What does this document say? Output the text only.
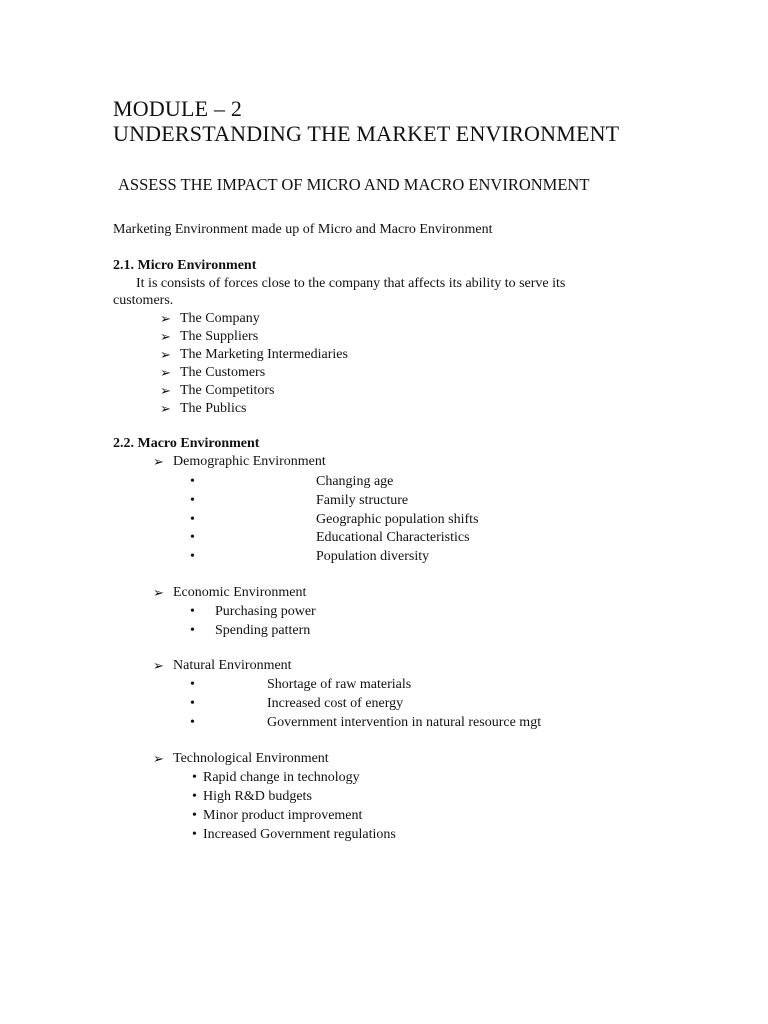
MODULE – 2
UNDERSTANDING THE MARKET ENVIRONMENT
ASSESS THE IMPACT OF MICRO AND MACRO ENVIRONMENT
Marketing Environment made up of Micro and Macro Environment
2.1. Micro Environment
It is consists of forces close to the company that affects its ability to serve its
customers.
➢ The Company
➢ The Suppliers
➢ The Marketing Intermediaries
➢ The Customers
➢ The Competitors
➢ The Publics
2.2. Macro Environment
➢ Demographic Environment
•	Changing age
•	Family structure
•	Geographic population shifts
•	Educational Characteristics
•	Population diversity
➢ Economic Environment
• Purchasing power
• Spending pattern
➢ Natural Environment
•	Shortage of raw materials
•	Increased cost of energy
•	Government intervention in natural resource mgt
➢ Technological Environment
• Rapid change in technology
• High R&D budgets
• Minor product improvement
• Increased Government regulations
